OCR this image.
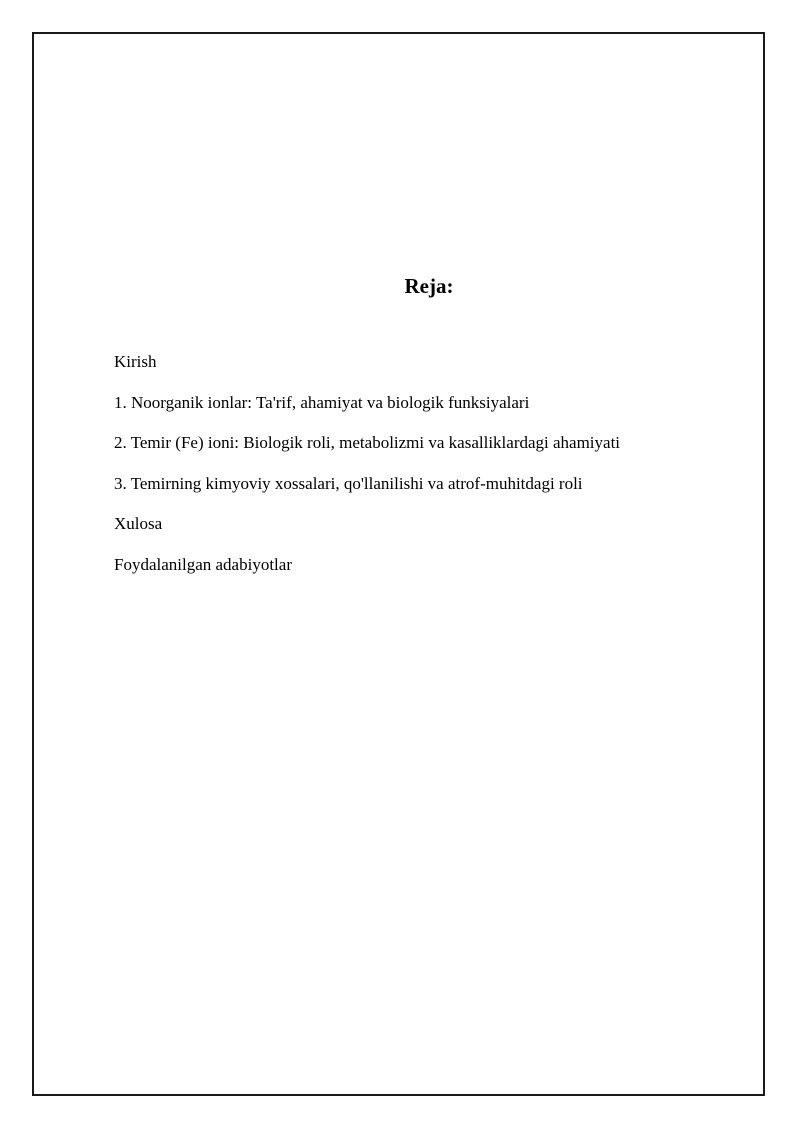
Reja:
Kirish
1. Noorganik ionlar: Ta'rif, ahamiyat va biologik funksiyalari
2. Temir (Fe) ioni: Biologik roli, metabolizmi va kasalliklardagi ahamiyati
3. Temirning kimyoviy xossalari, qo'llanilishi va atrof-muhitdagi roli
Xulosa
Foydalanilgan adabiyotlar
